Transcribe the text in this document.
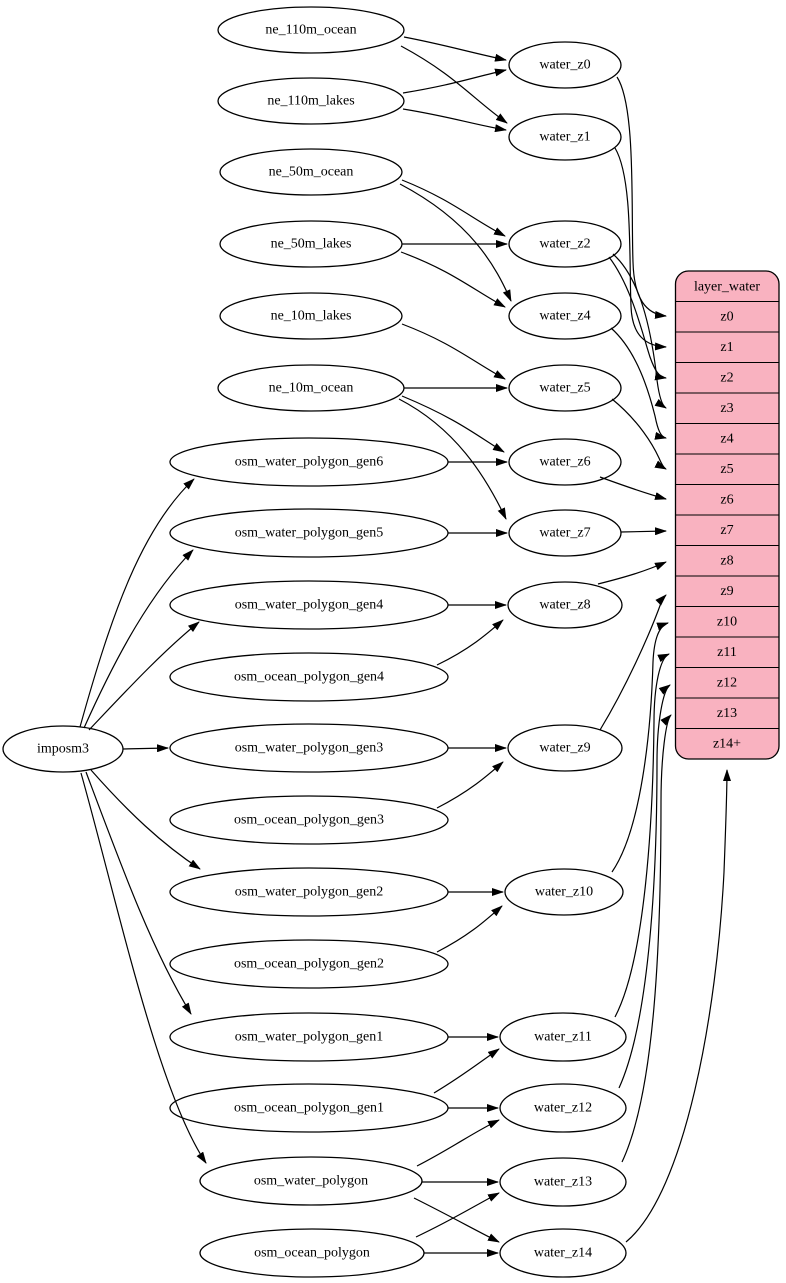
layer_water
z0
z1
z2
z3
z4
z5
z6
z7
z8
z9
z10
z11
z12
z13
z14+
imposm3
ne_110m_ocean
ne_110m_lakes
ne_50m_ocean
ne_50m_lakes
ne_10m_lakes
ne_10m_ocean
osm_water_polygon_gen6
osm_water_polygon_gen5
osm_water_polygon_gen4
osm_ocean_polygon_gen4
osm_water_polygon_gen3
osm_ocean_polygon_gen3
osm_water_polygon_gen2
osm_ocean_polygon_gen2
osm_water_polygon_gen1
osm_ocean_polygon_gen1
osm_water_polygon
osm_ocean_polygon
water_z0
water_z1
water_z2
water_z4
water_z5
water_z6
water_z7
water_z8
water_z9
water_z10
water_z11
water_z12
water_z13
water_z14
